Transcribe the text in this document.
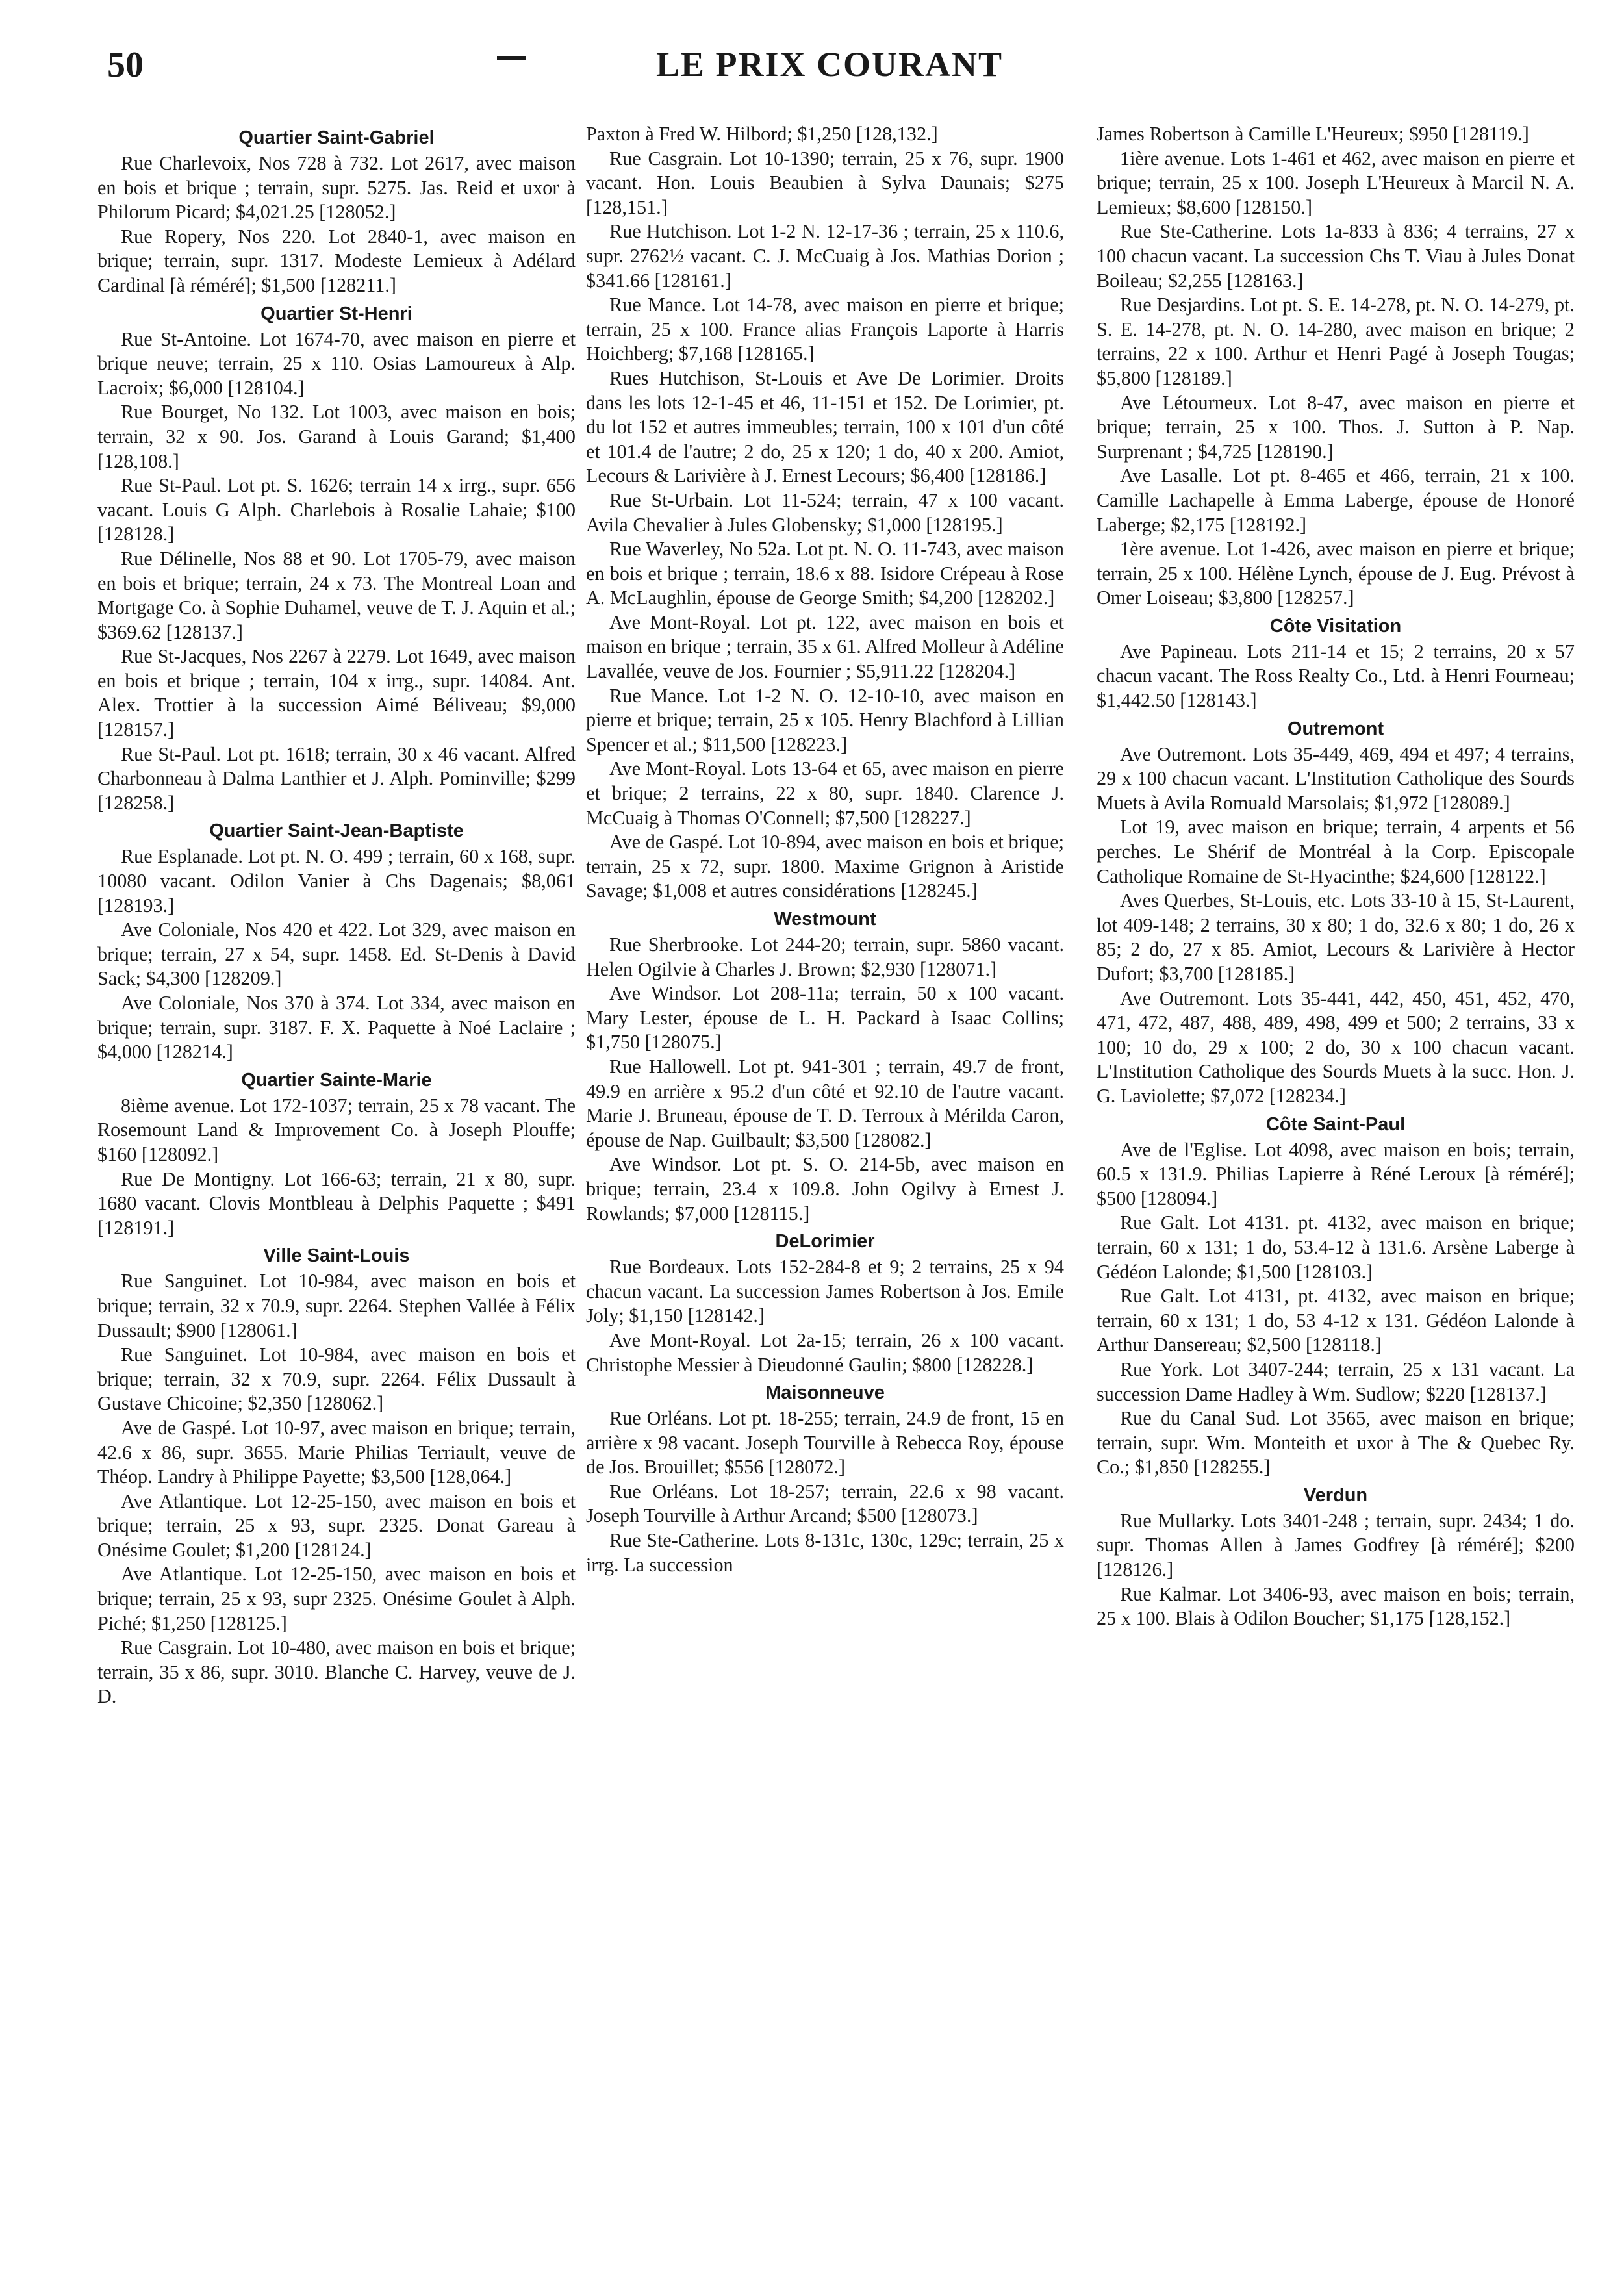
50	LE PRIX COURANT
Quartier Saint-Gabriel

Rue Charlevoix, Nos 728 à 732. Lot 2617, avec maison en bois et brique ; terrain, supr. 5275. Jas. Reid et uxor à Philorum Picard; $4,021.25 [128052.]

Rue Ropery, Nos 220. Lot 2840-1, avec maison en brique; terrain, supr. 1317. Modeste Lemieux à Adélard Cardinal [à réméré]; $1,500 [128211.]

Quartier St-Henri

Rue St-Antoine. Lot 1674-70, avec maison en pierre et brique neuve; terrain, 25 x 110. Osias Lamoureux à Alp. Lacroix; $6,000 [128104.]

Rue Bourget, No 132. Lot 1003, avec maison en bois; terrain, 32 x 90. Jos. Garand à Louis Garand; $1,400 [128,108.]

Rue St-Paul. Lot pt. S. 1626; terrain 14 x irrg., supr. 656 vacant. Louis G Alph. Charlebois à Rosalie Lahaie; $100 [128128.]

Rue Délinelle, Nos 88 et 90. Lot 1705-79, avec maison en bois et brique; terrain, 24 x 73. The Montreal Loan and Mortgage Co. à Sophie Duhamel, veuve de T. J. Aquin et al.; $369.62 [128137.]

Rue St-Jacques, Nos 2267 à 2279. Lot 1649, avec maison en bois et brique ; terrain, 104 x irrg., supr. 14084. Ant. Alex. Trottier à la succession Aimé Béliveau; $9,000 [128157.]

Rue St-Paul. Lot pt. 1618; terrain, 30 x 46 vacant. Alfred Charbonneau à Dalma Lanthier et J. Alph. Pominville; $299 [128258.]

Quartier Saint-Jean-Baptiste

Rue Esplanade. Lot pt. N. O. 499 ; terrain, 60 x 168, supr. 10080 vacant. Odilon Vanier à Chs Dagenais; $8,061 [128193.]

Ave Coloniale, Nos 420 et 422. Lot 329, avec maison en brique; terrain, 27 x 54, supr. 1458. Ed. St-Denis à David Sack; $4,300 [128209.]

Ave Coloniale, Nos 370 à 374. Lot 334, avec maison en brique; terrain, supr. 3187. F. X. Paquette à Noé Laclaire ; $4,000 [128214.]

Quartier Sainte-Marie

8ième avenue. Lot 172-1037; terrain, 25 x 78 vacant. The Rosemount Land & Improvement Co. à Joseph Plouffe; $160 [128092.]

Rue De Montigny. Lot 166-63; terrain, 21 x 80, supr. 1680 vacant. Clovis Montbleau à Delphis Paquette ; $491 [128191.]

Ville Saint-Louis

Rue Sanguinet. Lot 10-984, avec maison en bois et brique; terrain, 32 x 70.9, supr. 2264. Stephen Vallée à Félix Dussault; $900 [128061.]

Rue Sanguinet. Lot 10-984, avec maison en bois et brique; terrain, 32 x 70.9, supr. 2264. Félix Dussault à Gustave Chicoine; $2,350 [128062.]

Ave de Gaspé. Lot 10-97, avec maison en brique; terrain, 42.6 x 86, supr. 3655. Marie Philias Terriault, veuve de Théop. Landry à Philippe Payette; $3,500 [128,064.]

Ave Atlantique. Lot 12-25-150, avec maison en bois et brique; terrain, 25 x 93, supr. 2325. Donat Gareau à Onésime Goulet; $1,200 [128124.]

Ave Atlantique. Lot 12-25-150, avec maison en bois et brique; terrain, 25 x 93, supr 2325. Onésime Goulet à Alph. Piché; $1,250 [128125.]

Rue Casgrain. Lot 10-480, avec maison en bois et brique; terrain, 35 x 86, supr. 3010. Blanche C. Harvey, veuve de J. D.

Paxton à Fred W. Hilbord; $1,250 [128,132.]

Rue Casgrain. Lot 10-1390; terrain, 25 x 76, supr. 1900 vacant. Hon. Louis Beaubien à Sylva Daunais; $275 [128,151.]

Rue Hutchison. Lot 1-2 N. 12-17-36 ; terrain, 25 x 110.6, supr. 2762½ vacant. C. J. McCuaig à Jos. Mathias Dorion ; $341.66 [128161.]

Rue Mance. Lot 14-78, avec maison en pierre et brique; terrain, 25 x 100. France alias François Laporte à Harris Hoichberg; $7,168 [128165.]

Rues Hutchison, St-Louis et Ave De Lorimier. Droits dans les lots 12-1-45 et 46, 11-151 et 152. De Lorimier, pt. du lot 152 et autres immeubles; terrain, 100 x 101 d'un côté et 101.4 de l'autre; 2 do, 25 x 120; 1 do, 40 x 200. Amiot, Lecours & Larivière à J. Ernest Lecours; $6,400 [128186.]

Rue St-Urbain. Lot 11-524; terrain, 47 x 100 vacant. Avila Chevalier à Jules Globensky; $1,000 [128195.]

Rue Waverley, No 52a. Lot pt. N. O. 11-743, avec maison en bois et brique ; terrain, 18.6 x 88. Isidore Crépeau à Rose A. McLaughlin, épouse de George Smith; $4,200 [128202.]

Ave Mont-Royal. Lot pt. 122, avec maison en bois et maison en brique ; terrain, 35 x 61. Alfred Molleur à Adéline Lavallée, veuve de Jos. Fournier ; $5,911.22 [128204.]

Rue Mance. Lot 1-2 N. O. 12-10-10, avec maison en pierre et brique; terrain, 25 x 105. Henry Blachford à Lillian Spencer et al.; $11,500 [128223.]

Ave Mont-Royal. Lots 13-64 et 65, avec maison en pierre et brique; 2 terrains, 22 x 80, supr. 1840. Clarence J. McCuaig à Thomas O'Connell; $7,500 [128227.]

Ave de Gaspé. Lot 10-894, avec maison en bois et brique; terrain, 25 x 72, supr. 1800. Maxime Grignon à Aristide Savage; $1,008 et autres considérations [128245.]

Westmount

Rue Sherbrooke. Lot 244-20; terrain, supr. 5860 vacant. Helen Ogilvie à Charles J. Brown; $2,930 [128071.]

Ave Windsor. Lot 208-11a; terrain, 50 x 100 vacant. Mary Lester, épouse de L. H. Packard à Isaac Collins; $1,750 [128075.]

Rue Hallowell. Lot pt. 941-301 ; terrain, 49.7 de front, 49.9 en arrière x 95.2 d'un côté et 92.10 de l'autre vacant. Marie J. Bruneau, épouse de T. D. Terroux à Mérilda Caron, épouse de Nap. Guilbault; $3,500 [128082.]

Ave Windsor. Lot pt. S. O. 214-5b, avec maison en brique; terrain, 23.4 x 109.8. John Ogilvy à Ernest J. Rowlands; $7,000 [128115.]

DeLorimier

Rue Bordeaux. Lots 152-284-8 et 9; 2 terrains, 25 x 94 chacun vacant. La succession James Robertson à Jos. Emile Joly; $1,150 [128142.]

Ave Mont-Royal. Lot 2a-15; terrain, 26 x 100 vacant. Christophe Messier à Dieudonné Gaulin; $800 [128228.]

Maisonneuve

Rue Orléans. Lot pt. 18-255; terrain, 24.9 de front, 15 en arrière x 98 vacant. Joseph Tourville à Rebecca Roy, épouse de Jos. Brouillet; $556 [128072.]

Rue Orléans. Lot 18-257; terrain, 22.6 x 98 vacant. Joseph Tourville à Arthur Arcand; $500 [128073.]

Rue Ste-Catherine. Lots 8-131c, 130c, 129c; terrain, 25 x irrg. La succession

James Robertson à Camille L'Heureux; $950 [128119.]

1ière avenue. Lots 1-461 et 462, avec maison en pierre et brique; terrain, 25 x 100. Joseph L'Heureux à Marcil N. A. Lemieux; $8,600 [128150.]

Rue Ste-Catherine. Lots 1a-833 à 836; 4 terrains, 27 x 100 chacun vacant. La succession Chs T. Viau à Jules Donat Boileau; $2,255 [128163.]

Rue Desjardins. Lot pt. S. E. 14-278, pt. N. O. 14-279, pt. S. E. 14-278, pt. N. O. 14-280, avec maison en brique; 2 terrains, 22 x 100. Arthur et Henri Pagé à Joseph Tougas; $5,800 [128189.]

Ave Létourneux. Lot 8-47, avec maison en pierre et brique; terrain, 25 x 100. Thos. J. Sutton à P. Nap. Surprenant ; $4,725 [128190.]

Ave Lasalle. Lot pt. 8-465 et 466, terrain, 21 x 100. Camille Lachapelle à Emma Laberge, épouse de Honoré Laberge; $2,175 [128192.]

1ère avenue. Lot 1-426, avec maison en pierre et brique; terrain, 25 x 100. Hélène Lynch, épouse de J. Eug. Prévost à Omer Loiseau; $3,800 [128257.]

Côte Visitation

Ave Papineau. Lots 211-14 et 15; 2 terrains, 20 x 57 chacun vacant. The Ross Realty Co., Ltd. à Henri Fourneau; $1,442.50 [128143.]

Outremont

Ave Outremont. Lots 35-449, 469, 494 et 497; 4 terrains, 29 x 100 chacun vacant. L'Institution Catholique des Sourds Muets à Avila Romuald Marsolais; $1,972 [128089.]

Lot 19, avec maison en brique; terrain, 4 arpents et 56 perches. Le Shérif de Montréal à la Corp. Episcopale Catholique Romaine de St-Hyacinthe; $24,600 [128122.]

Aves Querbes, St-Louis, etc. Lots 33-10 à 15, St-Laurent, lot 409-148; 2 terrains, 30 x 80; 1 do, 32.6 x 80; 1 do, 26 x 85; 2 do, 27 x 85. Amiot, Lecours & Larivière à Hector Dufort; $3,700 [128185.]

Ave Outremont. Lots 35-441, 442, 450, 451, 452, 470, 471, 472, 487, 488, 489, 498, 499 et 500; 2 terrains, 33 x 100; 10 do, 29 x 100; 2 do, 30 x 100 chacun vacant. L'Institution Catholique des Sourds Muets à la succ. Hon. J. G. Laviolette; $7,072 [128234.]

Côte Saint-Paul

Ave de l'Eglise. Lot 4098, avec maison en bois; terrain, 60.5 x 131.9. Philias Lapierre à Réné Leroux [à réméré]; $500 [128094.]

Rue Galt. Lot 4131. pt. 4132, avec maison en brique; terrain, 60 x 131; 1 do, 53.4-12 à 131.6. Arsène Laberge à Gédéon Lalonde; $1,500 [128103.]

Rue Galt. Lot 4131, pt. 4132, avec maison en brique; terrain, 60 x 131; 1 do, 53 4-12 x 131. Gédéon Lalonde à Arthur Dansereau; $2,500 [128118.]

Rue York. Lot 3407-244; terrain, 25 x 131 vacant. La succession Dame Hadley à Wm. Sudlow; $220 [128137.]

Rue du Canal Sud. Lot 3565, avec maison en brique; terrain, supr. Wm. Monteith et uxor à The & Quebec Ry. Co.; $1,850 [128255.]

Verdun

Rue Mullarky. Lots 3401-248 ; terrain, supr. 2434; 1 do. supr. Thomas Allen à James Godfrey [à réméré]; $200 [128126.]

Rue Kalmar. Lot 3406-93, avec maison en bois; terrain, 25 x 100. Blais à Odilon Boucher; $1,175 [128,152.]
